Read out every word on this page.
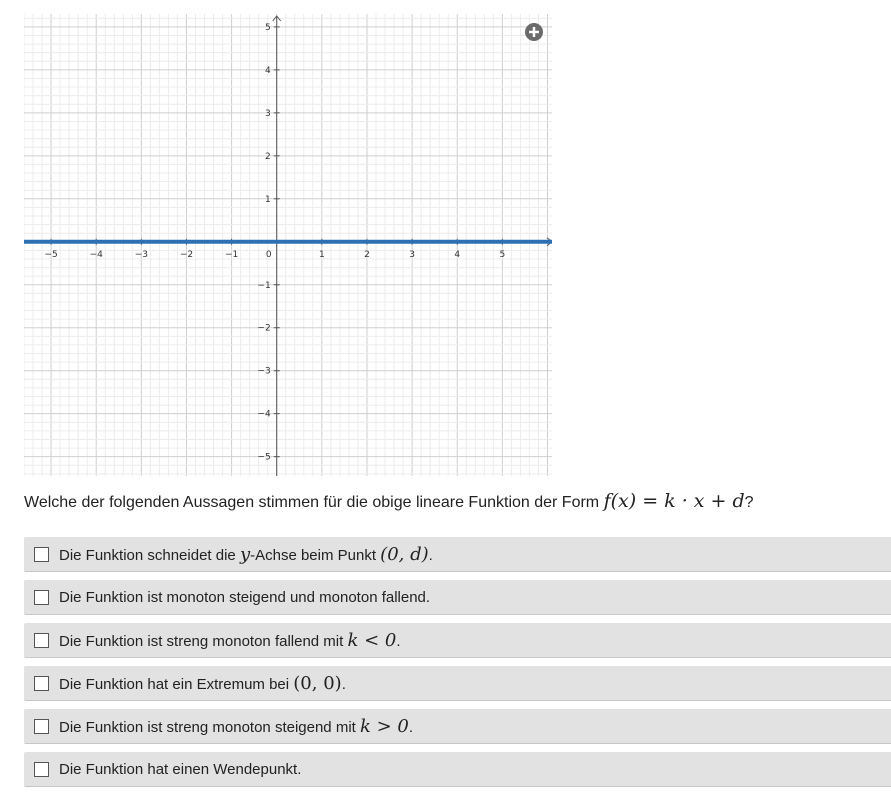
−5	−4	−3	−2	−1	0	1	2	3	4	5
5
4
3
2
1
−1
−2
−3
−4
−5
Welche der folgenden Aussagen stimmen für die obige lineare Funktion der Form f(x) = k · x + d?
Die Funktion schneidet die y-Achse beim Punkt (0, d).
Die Funktion ist monoton steigend und monoton fallend.
Die Funktion ist streng monoton fallend mit k < 0.
Die Funktion hat ein Extremum bei (0, 0).
Die Funktion ist streng monoton steigend mit k > 0.
Die Funktion hat einen Wendepunkt.
